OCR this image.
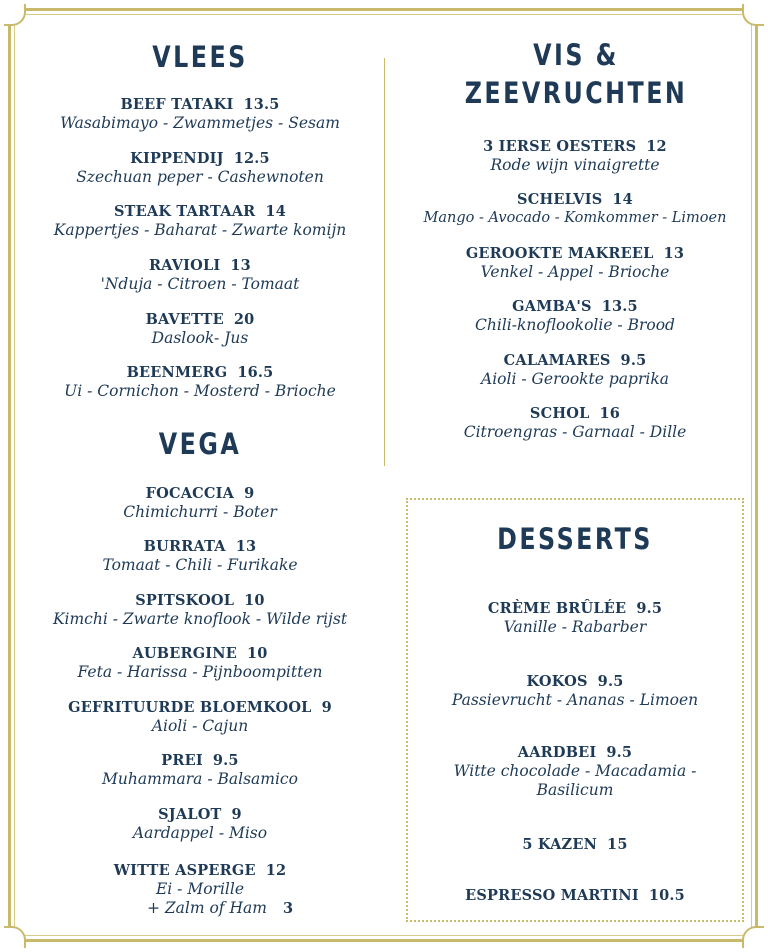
VLEES
BEEF TATAKI 13.5
Wasabimayo - Zwammetjes - Sesam
KIPPENDIJ 12.5
Szechuan peper - Cashewnoten
STEAK TARTAAR 14
Kappertjes - Baharat - Zwarte komijn
RAVIOLI 13
'Nduja - Citroen - Tomaat
BAVETTE 20
Daslook- Jus
BEENMERG 16.5
Ui - Cornichon - Mosterd - Brioche
VEGA
FOCACCIA 9
Chimichurri - Boter
BURRATA 13
Tomaat - Chili - Furikake
SPITSKOOL 10
Kimchi - Zwarte knoflook - Wilde rijst
AUBERGINE 10
Feta - Harissa - Pijnboompitten
GEFRITUURDE BLOEMKOOL 9
Aioli - Cajun
PREI 9.5
Muhammara - Balsamico
SJALOT 9
Aardappel - Miso
WITTE ASPERGE 12
Ei - Morille
+ Zalm of Ham 3
VIS &
ZEEVRUCHTEN
3 IERSE OESTERS 12
Rode wijn vinaigrette
SCHELVIS 14
Mango - Avocado - Komkommer - Limoen
GEROOKTE MAKREEL 13
Venkel - Appel - Brioche
GAMBA'S 13.5
Chili-knoflookolie - Brood
CALAMARES 9.5
Aioli - Gerookte paprika
SCHOL 16
Citroengras - Garnaal - Dille
DESSERTS
CRÈME BRÛLÉE 9.5
Vanille - Rabarber
KOKOS 9.5
Passievrucht - Ananas - Limoen
AARDBEI 9.5
Witte chocolade - Macadamia - Basilicum
5 KAZEN 15
ESPRESSO MARTINI 10.5
